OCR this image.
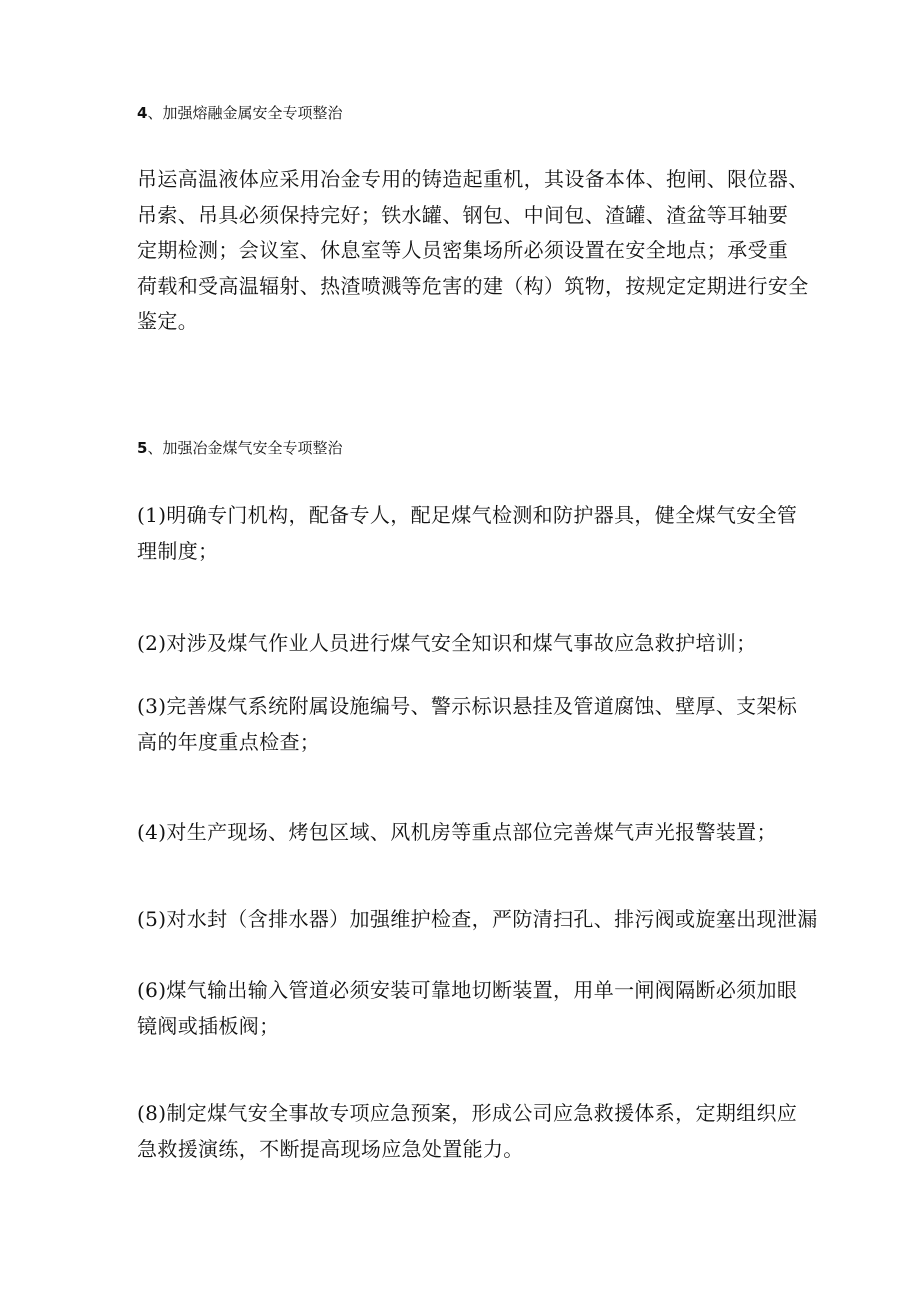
4、加强熔融金属安全专项整治
吊运高温液体应采用冶金专用的铸造起重机，其设备本体、抱闸、限位器、
吊索、吊具必须保持完好；铁水罐、钢包、中间包、渣罐、渣盆等耳轴要
定期检测；会议室、休息室等人员密集场所必须设置在安全地点；承受重
荷载和受高温辐射、热渣喷溅等危害的建（构）筑物，按规定定期进行安全
鉴定。
5、加强冶金煤气安全专项整治
(1)明确专门机构，配备专人，配足煤气检测和防护器具，健全煤气安全管
理制度；
(2)对涉及煤气作业人员进行煤气安全知识和煤气事故应急救护培训；
(3)完善煤气系统附属设施编号、警示标识悬挂及管道腐蚀、壁厚、支架标
高的年度重点检查；
(4)对生产现场、烤包区域、风机房等重点部位完善煤气声光报警装置；
(5)对水封（含排水器）加强维护检查，严防清扫孔、排污阀或旋塞出现泄漏
(6)煤气输出输入管道必须安装可靠地切断装置，用单一闸阀隔断必须加眼
镜阀或插板阀；
(8)制定煤气安全事故专项应急预案，形成公司应急救援体系，定期组织应
急救援演练，不断提高现场应急处置能力。
